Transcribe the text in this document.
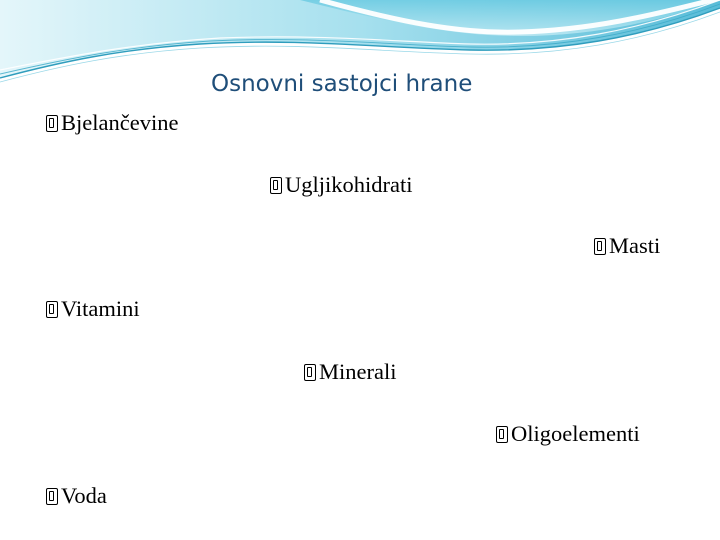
Osnovni sastojci hrane
Bjelančevine
Ugljikohidrati
Masti
Vitamini
Minerali
Oligoelementi
Voda
